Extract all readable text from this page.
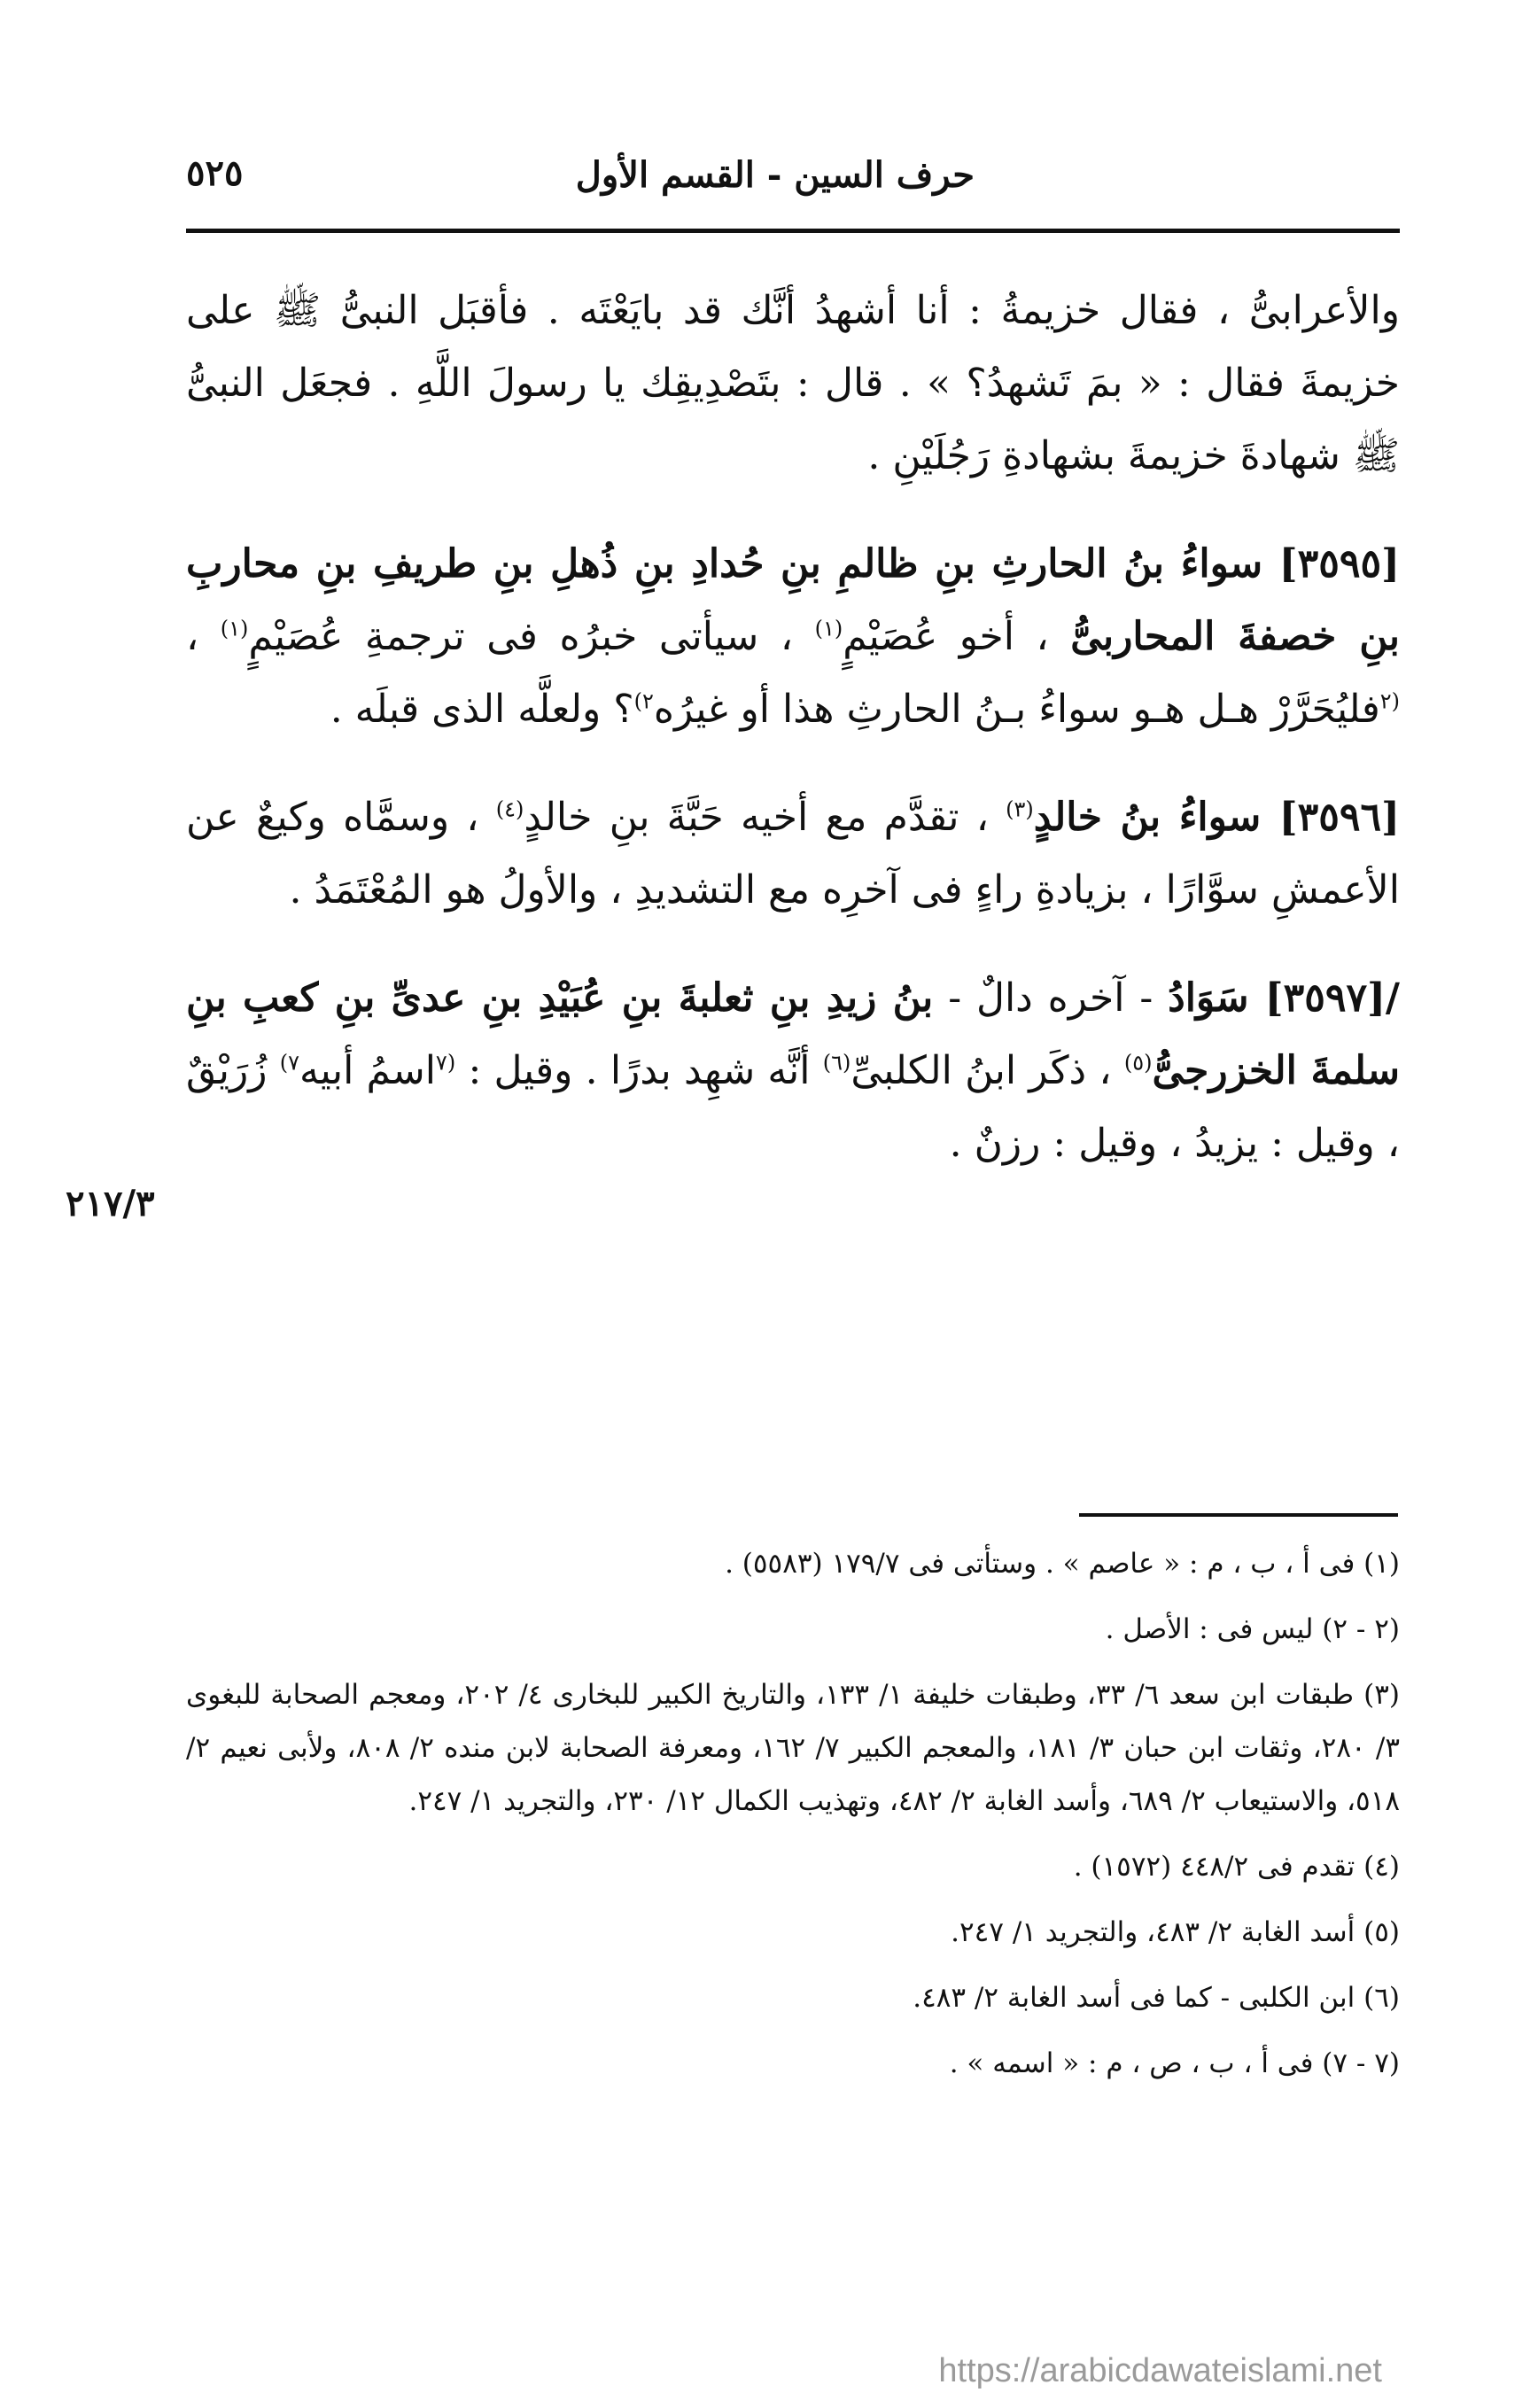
حرف السين - القسم الأول
٥٢٥

والأعرابىُّ ، فقال خزيمةُ : أنا أشهدُ أنَّك قد بايَعْتَه . فأقبَل النبىُّ ﷺ على خزيمةَ فقال : « بمَ تَشهدُ؟ » . قال : بتَصْدِيقِك يا رسولَ اللَّهِ . فجعَل النبىُّ ﷺ شهادةَ خزيمةَ بشهادةِ رَجُلَيْنِ .

[٣٥٩٥] سواءُ بنُ الحارثِ بنِ ظالمِ بنِ حُدادِ بنِ ذُهلِ بنِ طريفِ بنِ محاربِ بنِ خصفةَ المحاربىُّ ، أخو عُصَيْمٍ$^{(١)}$ ، سيأتى خبرُه فى ترجمةِ عُصَيْمٍ$^{(١)}$ ، $^{(٢}$فليُحَرَّرْ هـل هـو سواءُ بـنُ الحارثِ هذا أو غيرُه$^{٢)}$؟ ولعلَّه الذى قبلَه .

[٣٥٩٦] سواءُ بنُ خالدٍ$^{(٣)}$ ، تقدَّم مع أخيه حَبَّةَ بنِ خالدٍ$^{(٤)}$ ، وسمَّاه وكيعٌ عن الأعمشِ سوَّارًا ، بزيادةِ راءٍ فى آخرِه مع التشديدِ ، والأولُ هو المُعْتَمَدُ .

/[٣٥٩٧] سَوَادُ - آخره دالٌ - بنُ زيدِ بنِ ثعلبةَ بنِ عُبَيْدِ بنِ عدىِّ بنِ كعبِ بنِ سلمةَ الخزرجىُّ$^{(٥)}$ ، ذكَر ابنُ الكلبىِّ$^{(٦)}$ أنَّه شهِد بدرًا . وقيل : $^{(٧}$اسمُ أبيه$^{٧)}$ زُرَيْقٌ ، وقيل : يزيدُ ، وقيل : رزنٌ .

٢١٧/٣

(١) فى أ ، ب ، م : « عاصم » . وستأتى فى ١٧٩/٧ (٥٥٨٣) .

(٢ - ٢) ليس فى : الأصل .

(٣) طبقات ابن سعد ٦/ ٣٣، وطبقات خليفة ١/ ١٣٣، والتاريخ الكبير للبخارى ٤/ ٢٠٢، ومعجم الصحابة للبغوى ٣/ ٢٨٠، وثقات ابن حبان ٣/ ١٨١، والمعجم الكبير ٧/ ١٦٢، ومعرفة الصحابة لابن منده ٢/ ٨٠٨، ولأبى نعيم ٢/ ٥١٨، والاستيعاب ٢/ ٦٨٩، وأسد الغابة ٢/ ٤٨٢، وتهذيب الكمال ١٢/ ٢٣٠، والتجريد ١/ ٢٤٧.

(٤) تقدم فى ٤٤٨/٢ (١٥٧٢) .

(٥) أسد الغابة ٢/ ٤٨٣، والتجريد ١/ ٢٤٧.

(٦) ابن الكلبى - كما فى أسد الغابة ٢/ ٤٨٣.

(٧ - ٧) فى أ ، ب ، ص ، م : « اسمه » .

https://arabicdawateislami.net
